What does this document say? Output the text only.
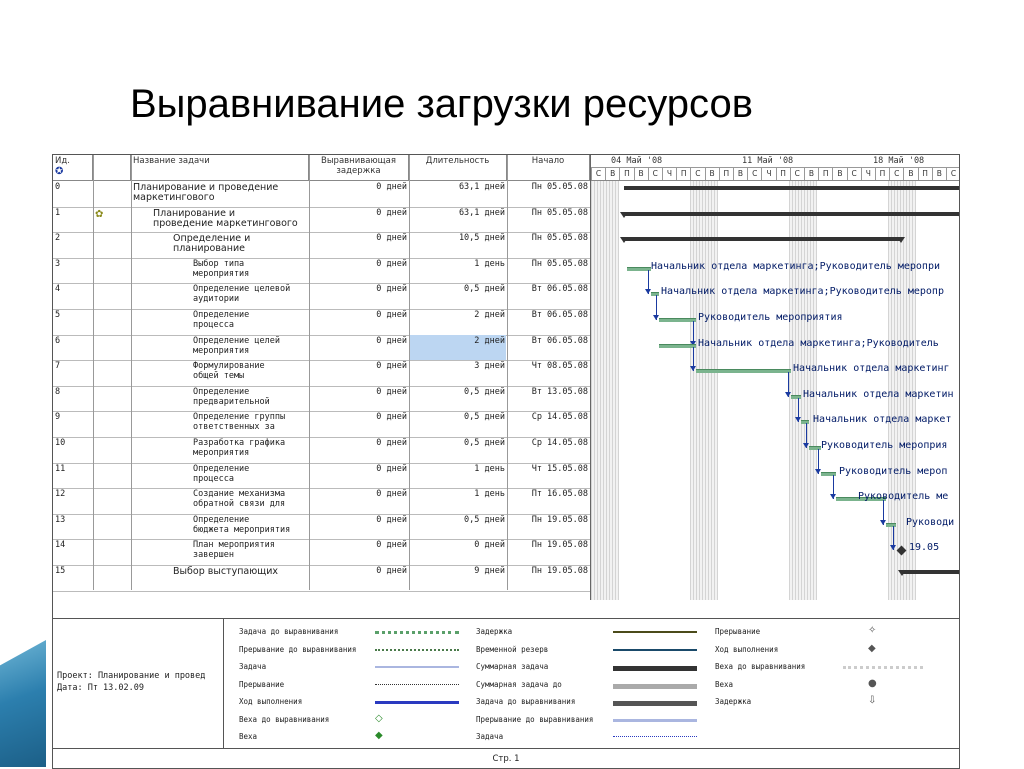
Выравнивание загрузки ресурсов
Ид.
✪
Название задачи	Выравнивающая задержка
Длительность	Начало
0	Планирование и проведение
маркетингового
0 дней	63,1 дней	Пн 05.05.08
1	Планирование и
проведение маркетингового
0 дней	63,1 дней	Пн 05.05.08
✿
2	Определение и
планирование
0 дней	10,5 дней	Пн 05.05.08
3	Выбор типа
мероприятия
0 дней	1 день	Пн 05.05.08
4	Определение целевой
аудитории
0 дней	0,5 дней	Вт 06.05.08
5	Определение
процесса
0 дней	2 дней	Вт 06.05.08
6	Определение целей
мероприятия
0 дней	2 дней	Вт 06.05.08
7	Формулирование
общей темы
0 дней	3 дней	Чт 08.05.08
8	Определение
предварительной
0 дней	0,5 дней	Вт 13.05.08
9	Определение группы
ответственных за
0 дней	0,5 дней	Ср 14.05.08
10	Разработка графика
мероприятия
0 дней	0,5 дней	Ср 14.05.08
11	Определение
процесса
0 дней	1 день	Чт 15.05.08
12	Создание механизма
обратной связи для
0 дней	1 день	Пт 16.05.08
13	Определение
бюджета мероприятия
0 дней	0,5 дней	Пн 19.05.08
14	План мероприятия
завершен
0 дней	0 дней	Пн 19.05.08
15	Выбор выступающих	0 дней	9 дней	Пн 19.05.08
04 Май '08	11 Май '08	18 Май '08
С	В	П	В	С	Ч	П	С	В	П	В	С	Ч	П	С	В	П	В	С	Ч	П	С	В	П	В	С
Начальник отдела маркетинга;Руководитель меропри
Начальник отдела маркетинга;Руководитель меропр
Руководитель мероприятия
Начальник отдела маркетинга;Руководитель
Начальник отдела маркетинг
Начальник отдела маркетин
Начальник отдела маркет
Руководитель мероприя
Руководитель мероп
Руководитель ме
Руководи
19.05
Проект: Планирование и провед
Дата: Пт 13.02.09
Задача до выравнивания
Прерывание до выравнивания
Задача
Прерывание
Ход выполнения
Веха до выравнивания	◇
Веха	◆
Задержка
Временной резерв
Суммарная задача
Суммарная задача до
Задача до выравнивания
Прерывание до выравнивания
Задача
Прерывание	✧
Ход выполнения	◆
Веха до выравнивания
Веха	●
Задержка	⇩
Стр. 1
